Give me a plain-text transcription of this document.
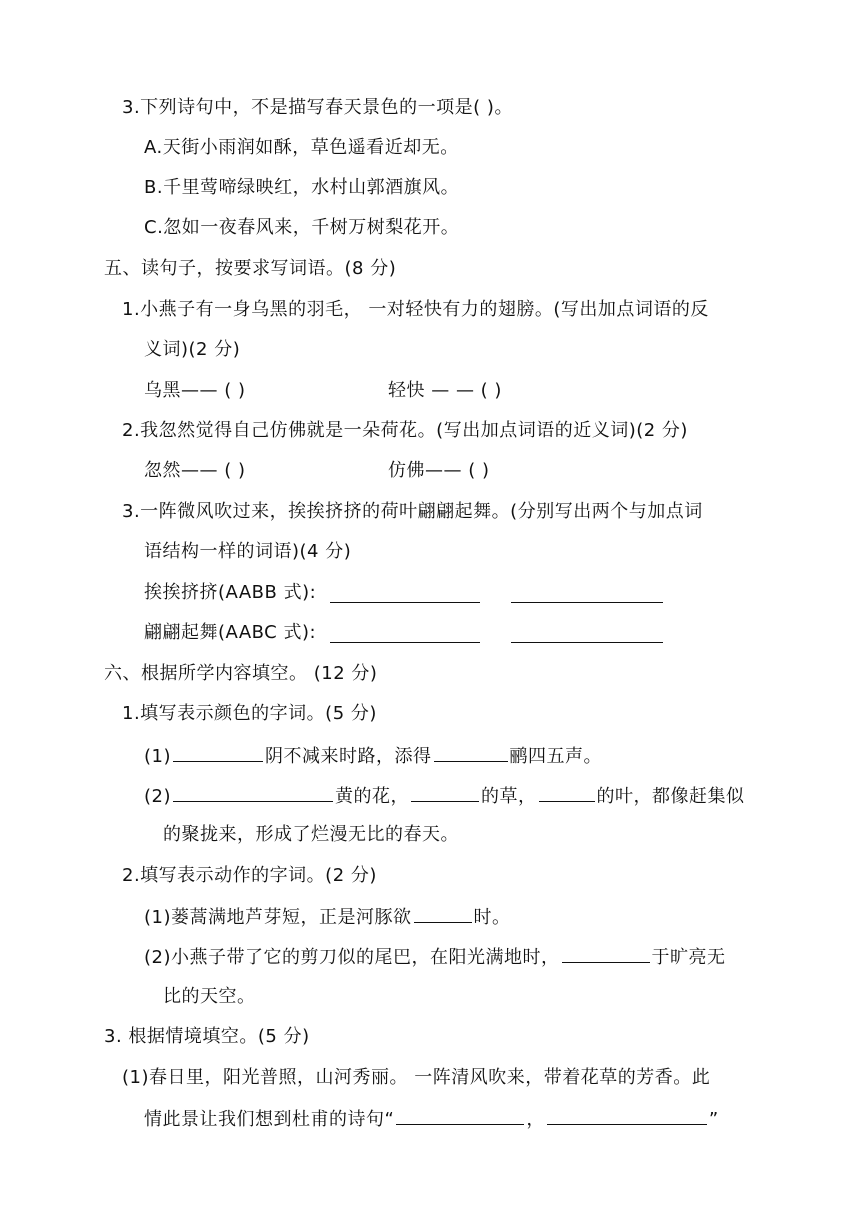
3.下列诗句中，不是描写春天景色的一项是( )。
A.天街小雨润如酥，草色遥看近却无。
B.千里莺啼绿映红，水村山郭酒旗风。
C.忽如一夜春风来，千树万树梨花开。
五、读句子，按要求写词语。(8 分)
1.小燕子有一身乌黑的羽毛， 一对轻快有力的翅膀。(写出加点词语的反
义词)(2 分)
乌黑—— ( )	轻快 — — ( )
2.我忽然觉得自己仿佛就是一朵荷花。(写出加点词语的近义词)(2 分)
忽然—— ( )	仿佛—— ( )
3.一阵微风吹过来，挨挨挤挤的荷叶翩翩起舞。(分别写出两个与加点词
语结构一样的词语)(4 分)
挨挨挤挤(AABB 式):
翩翩起舞(AABC 式):
六、根据所学内容填空。 (12 分)
1.填写表示颜色的字词。(5 分)
(1)	阴不减来时路，添得	鹂四五声。
(2)	黄的花，	的草，	的叶，都像赶集似
的聚拢来，形成了烂漫无比的春天。
2.填写表示动作的字词。(2 分)
(1)蒌蒿满地芦芽短，正是河豚欲	时。
(2)小燕子带了它的剪刀似的尾巴，在阳光满地时，	于旷亮无
比的天空。
3. 根据情境填空。(5 分)
(1)春日里，阳光普照，山河秀丽。 一阵清风吹来，带着花草的芳香。此
情此景让我们想到杜甫的诗句“	，	”
